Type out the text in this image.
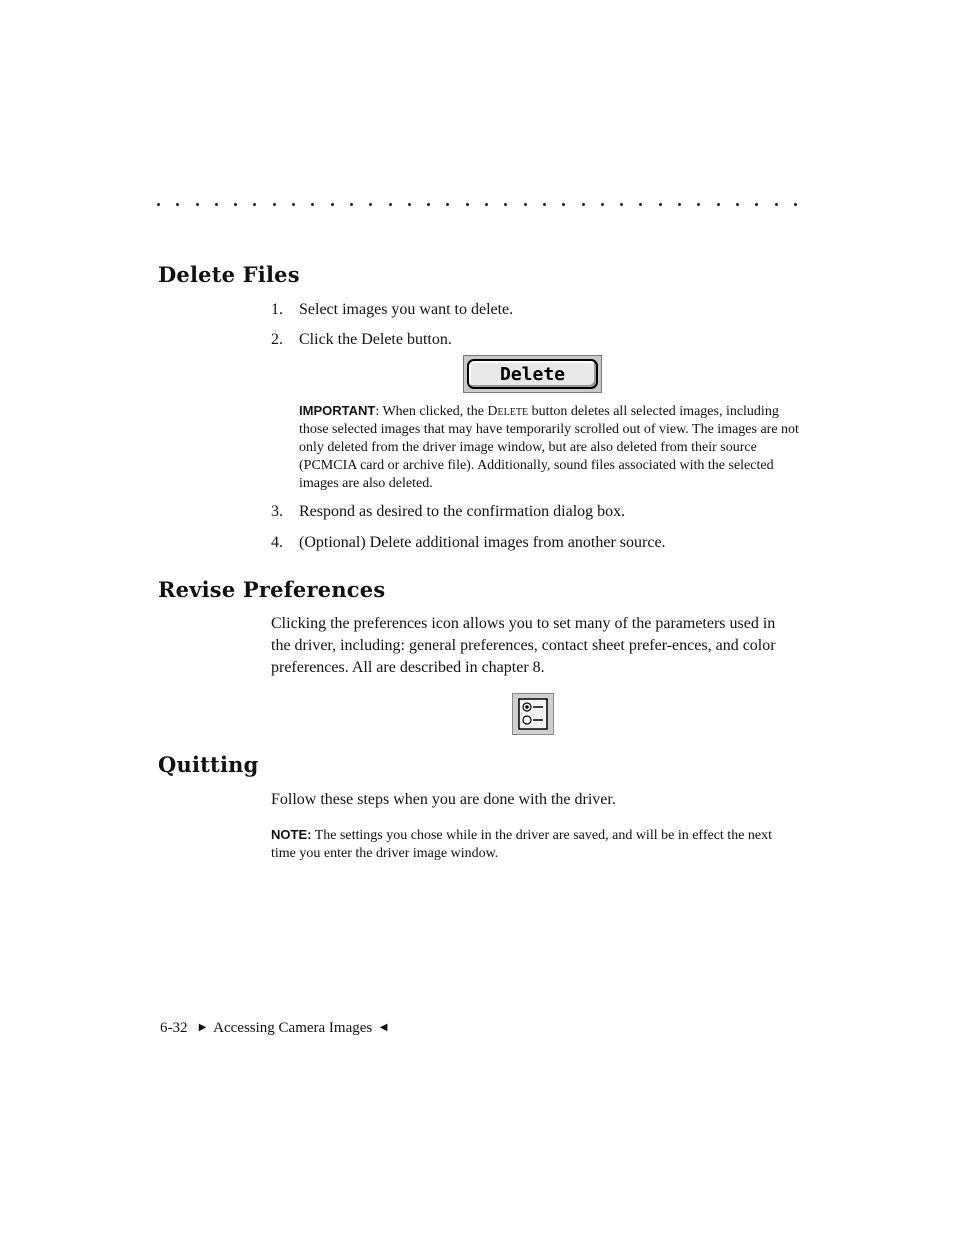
Delete Files
1. Select images you want to delete.
2. Click the Delete button.
Delete
IMPORTANT: When clicked, the Delete button deletes all selected images, including those selected images that may have temporarily scrolled out of view. The images are not only deleted from the driver image window, but are also deleted from their source (PCMCIA card or archive file). Additionally, sound files associated with the selected images are also deleted.
3. Respond as desired to the confirmation dialog box.
4. (Optional) Delete additional images from another source.
Revise Preferences

Clicking the preferences icon allows you to set many of the parameters used in the driver, including: general preferences, contact sheet prefer-ences, and color preferences. All are described in chapter 8.

Quitting

Follow these steps when you are done with the driver.

NOTE: The settings you chose while in the driver are saved, and will be in effect the next time you enter the driver image window.
6-32 ▶ Accessing Camera Images ◀
